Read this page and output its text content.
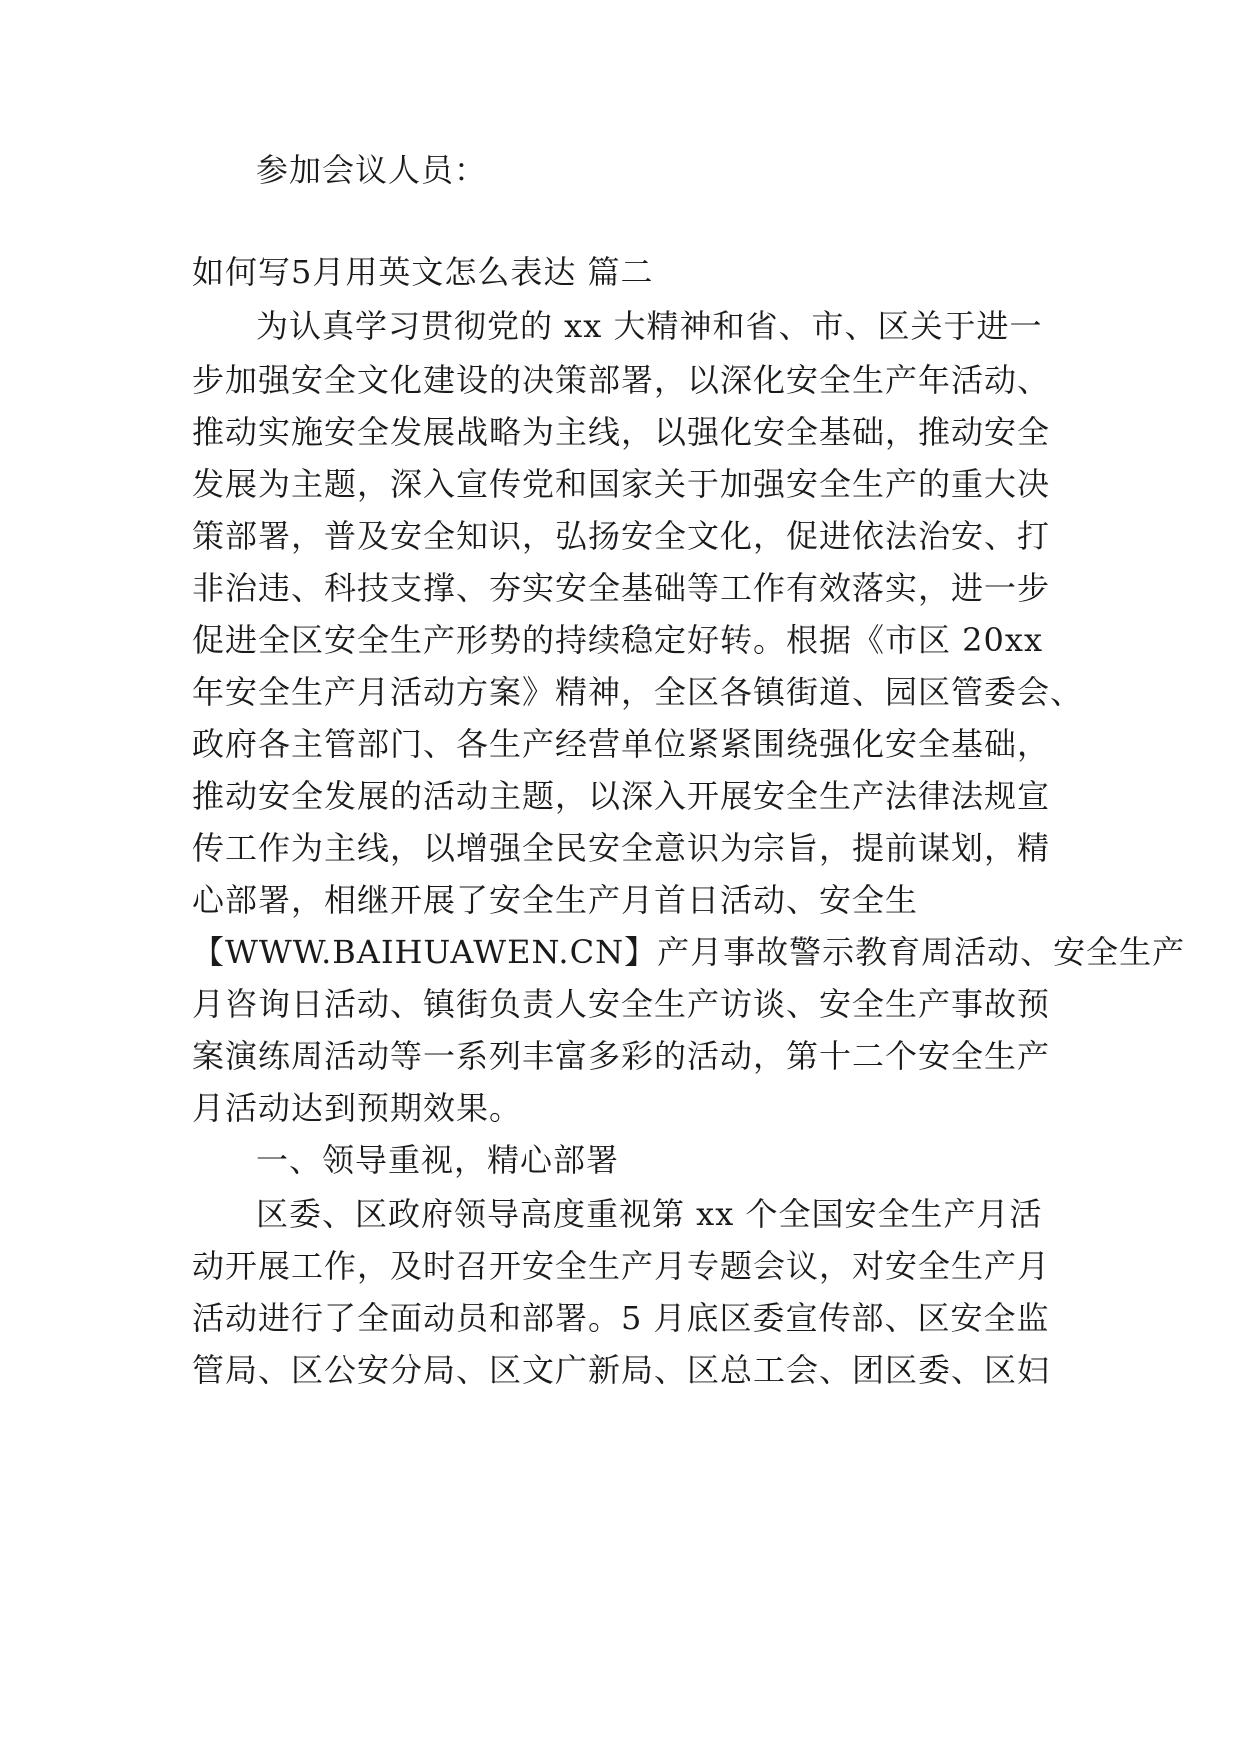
参加会议人员：
如何写5月用英文怎么表达 篇二
为认真学习贯彻党的 xx 大精神和省、市、区关于进一
步加强安全文化建设的决策部署，以深化安全生产年活动、
推动实施安全发展战略为主线，以强化安全基础，推动安全
发展为主题，深入宣传党和国家关于加强安全生产的重大决
策部署，普及安全知识，弘扬安全文化，促进依法治安、打
非治违、科技支撑、夯实安全基础等工作有效落实，进一步
促进全区安全生产形势的持续稳定好转。根据《市区 20xx
年安全生产月活动方案》精神，全区各镇街道、园区管委会、
政府各主管部门、各生产经营单位紧紧围绕强化安全基础，
推动安全发展的活动主题，以深入开展安全生产法律法规宣
传工作为主线，以增强全民安全意识为宗旨，提前谋划，精
心部署，相继开展了安全生产月首日活动、安全生
【WWW.BAIHUAWEN.CN】产月事故警示教育周活动、安全生产
月咨询日活动、镇街负责人安全生产访谈、安全生产事故预
案演练周活动等一系列丰富多彩的活动，第十二个安全生产
月活动达到预期效果。
一、领导重视，精心部署
区委、区政府领导高度重视第 xx 个全国安全生产月活
动开展工作，及时召开安全生产月专题会议，对安全生产月
活动进行了全面动员和部署。5 月底区委宣传部、区安全监
管局、区公安分局、区文广新局、区总工会、团区委、区妇
